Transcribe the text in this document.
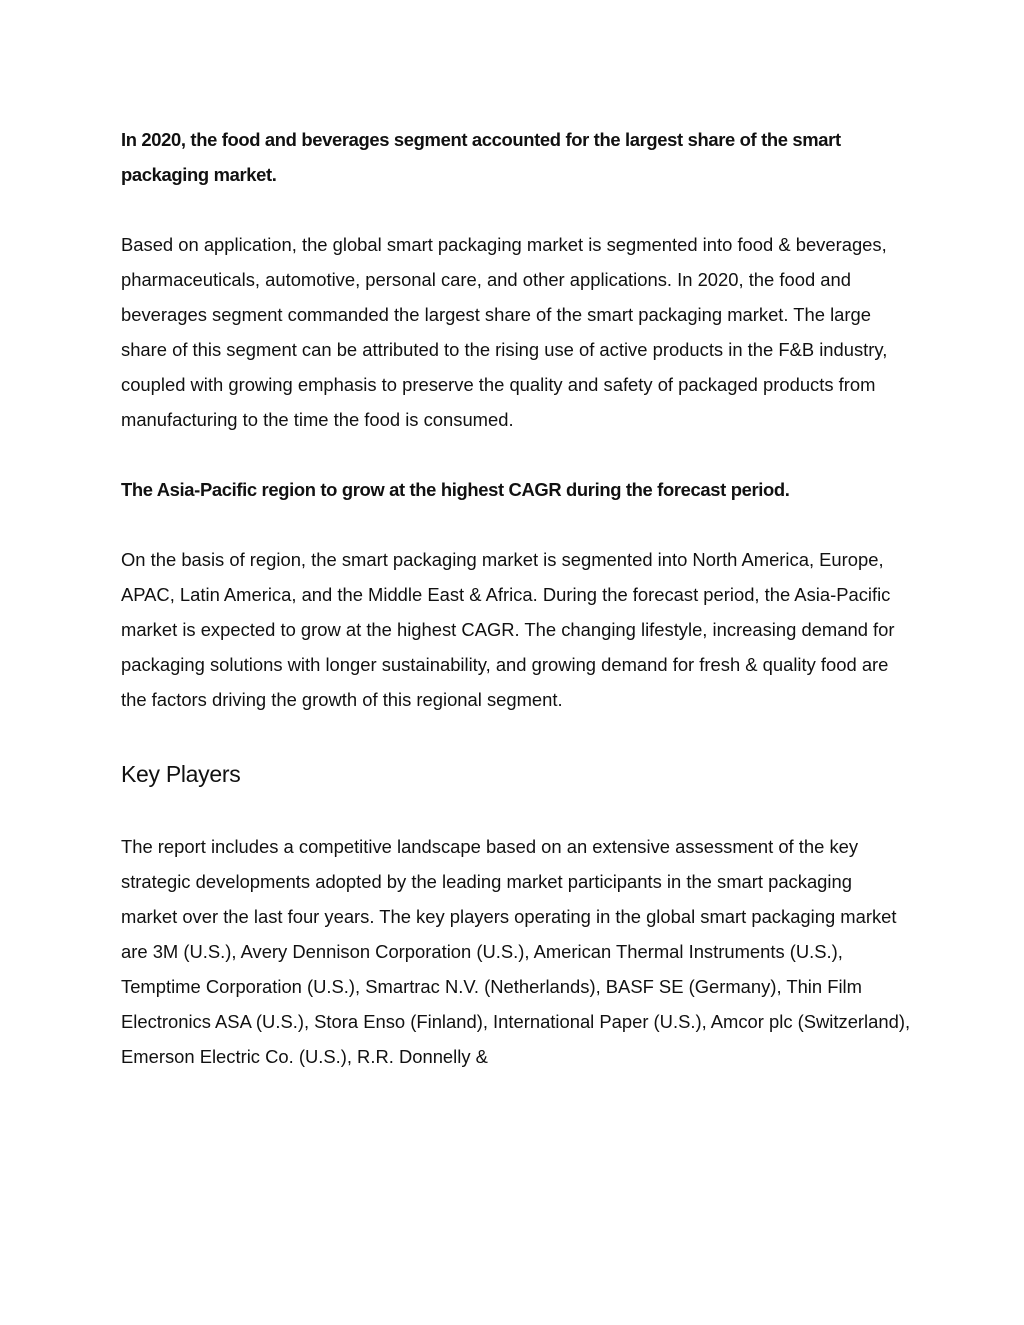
In 2020, the food and beverages segment accounted for the largest share of the smart packaging market.

Based on application, the global smart packaging market is segmented into food & beverages, pharmaceuticals, automotive, personal care, and other applications. In 2020, the food and beverages segment commanded the largest share of the smart packaging market. The large share of this segment can be attributed to the rising use of active products in the F&B industry, coupled with growing emphasis to preserve the quality and safety of packaged products from manufacturing to the time the food is consumed.

The Asia-Pacific region to grow at the highest CAGR during the forecast period.

On the basis of region, the smart packaging market is segmented into North America, Europe, APAC, Latin America, and the Middle East & Africa. During the forecast period, the Asia-Pacific market is expected to grow at the highest CAGR. The changing lifestyle, increasing demand for packaging solutions with longer sustainability, and growing demand for fresh & quality food are the factors driving the growth of this regional segment.

Key Players

The report includes a competitive landscape based on an extensive assessment of the key strategic developments adopted by the leading market participants in the smart packaging market over the last four years. The key players operating in the global smart packaging market are 3M (U.S.), Avery Dennison Corporation (U.S.), American Thermal Instruments (U.S.), Temptime Corporation (U.S.), Smartrac N.V. (Netherlands), BASF SE (Germany), Thin Film Electronics ASA (U.S.), Stora Enso (Finland), International Paper (U.S.), Amcor plc (Switzerland), Emerson Electric Co. (U.S.), R.R. Donnelly &
